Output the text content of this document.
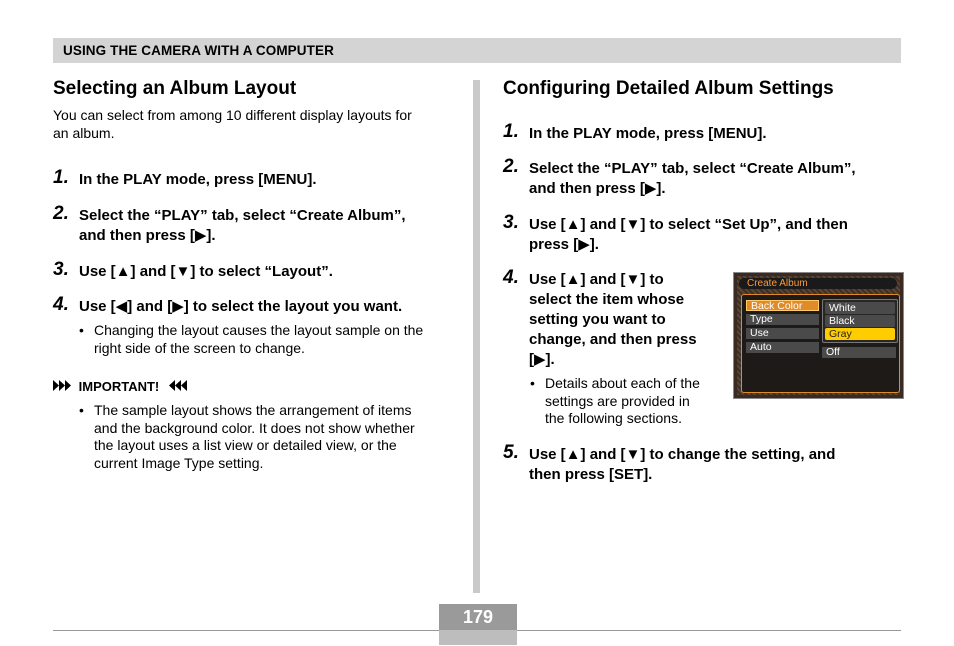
USING THE CAMERA WITH A COMPUTER
Selecting an Album Layout
You can select from among 10 different display layouts for
an album.
1. In the PLAY mode, press [MENU].
2. Select the “PLAY” tab, select “Create Album”,
and then press [▶].
3. Use [▲] and [▼] to select “Layout”.
4. Use [◀] and [▶] to select the layout you want.
• Changing the layout causes the layout sample on the
right side of the screen to change.
IMPORTANT!
• The sample layout shows the arrangement of items
and the background color. It does not show whether
the layout uses a list view or detailed view, or the
current Image Type setting.
Configuring Detailed Album Settings
1. In the PLAY mode, press [MENU].
2. Select the “PLAY” tab, select “Create Album”,
and then press [▶].
3. Use [▲] and [▼] to select “Set Up”, and then
press [▶].
4. Use [▲] and [▼] to
select the item whose
setting you want to
change, and then press
[▶].
• Details about each of the
settings are provided in
the following sections.
5. Use [▲] and [▼] to change the setting, and
then press [SET].
Create Album
Back Color
Type
Use
Auto
White
Black
Gray
Off
179
